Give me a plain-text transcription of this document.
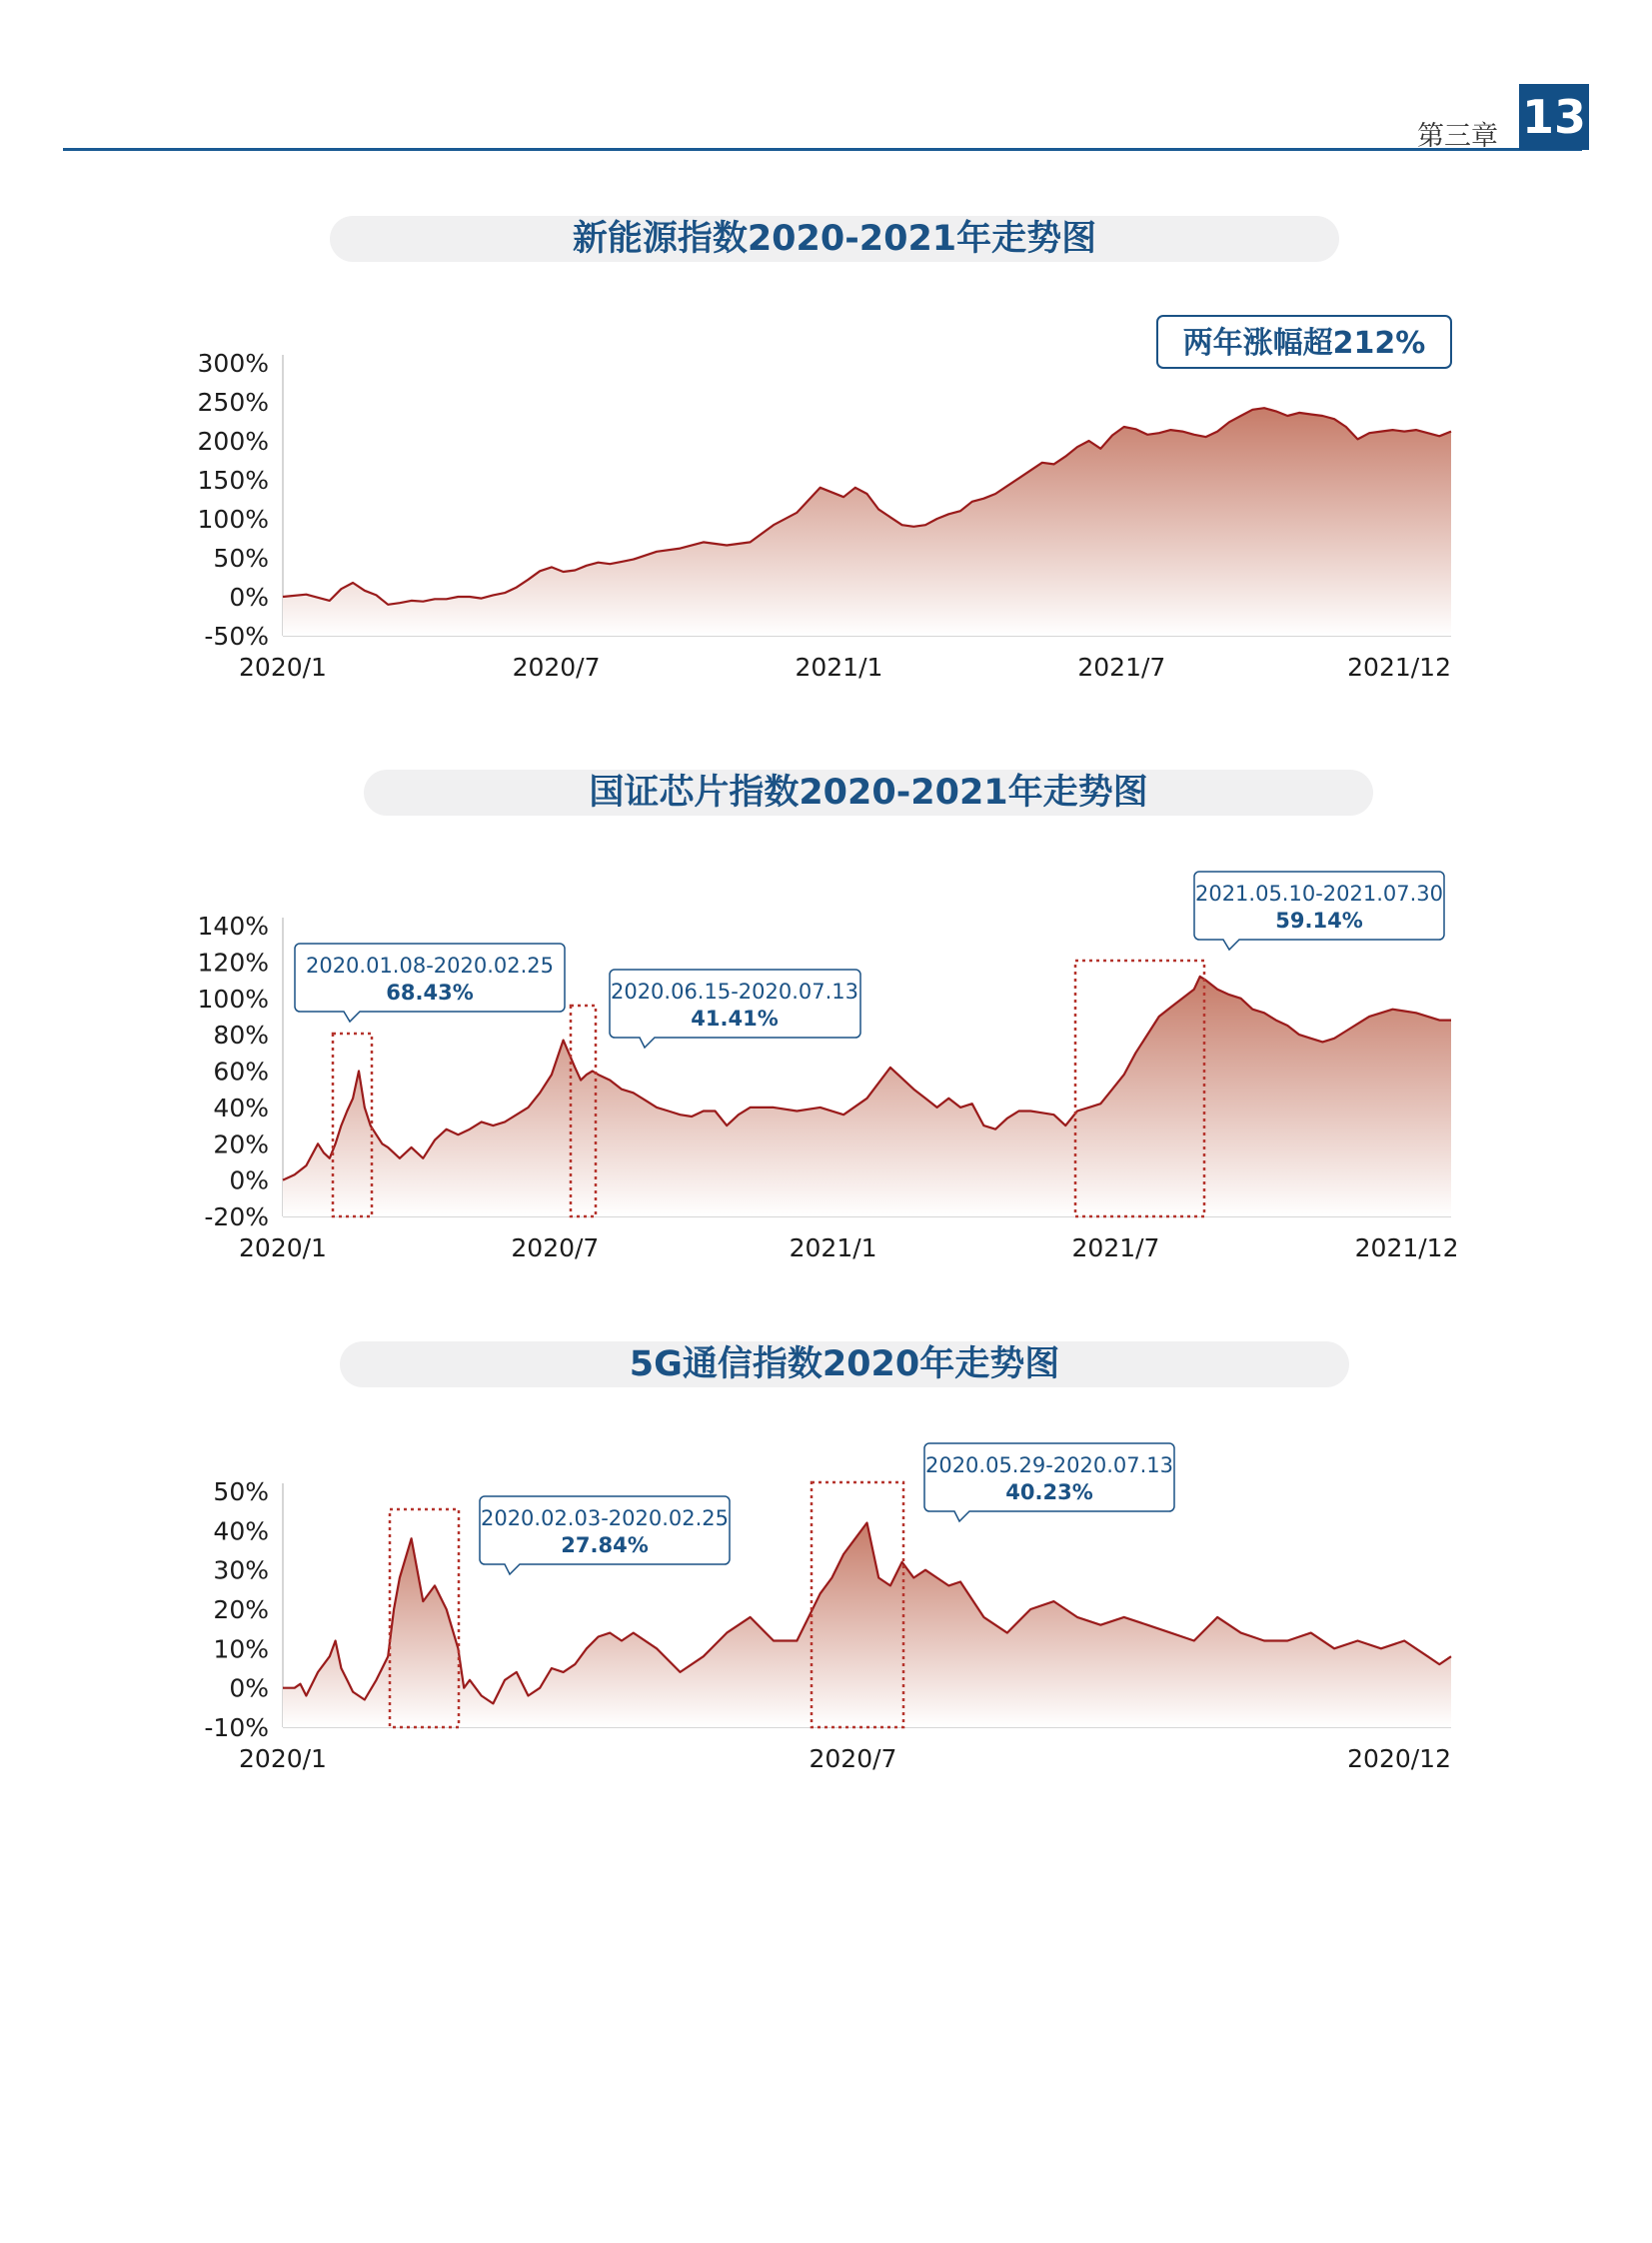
第三章 13
新能源指数2020-2021年走势图
300%
250%
200%
150%
100%
50%
0%
-50%
2020/1	2020/7	2021/1	2021/7	2021/12
两年涨幅超212%
国证芯片指数2020-2021年走势图
140%
120%
100%
80%
60%
40%
20%
0%
-20%
2020/1	2020/7	2021/1	2021/7	2021/12
2020.01.08-2020.02.25
68.43%	2020.06.15-2020.07.13
41.41%
2021.05.10-2021.07.30
59.14%
5G通信指数2020年走势图
50%
40%
30%
20%
10%
0%
-10%
2020/1	2020/7	2020/12
2020.02.03-2020.02.25
27.84%
2020.05.29-2020.07.13
40.23%
